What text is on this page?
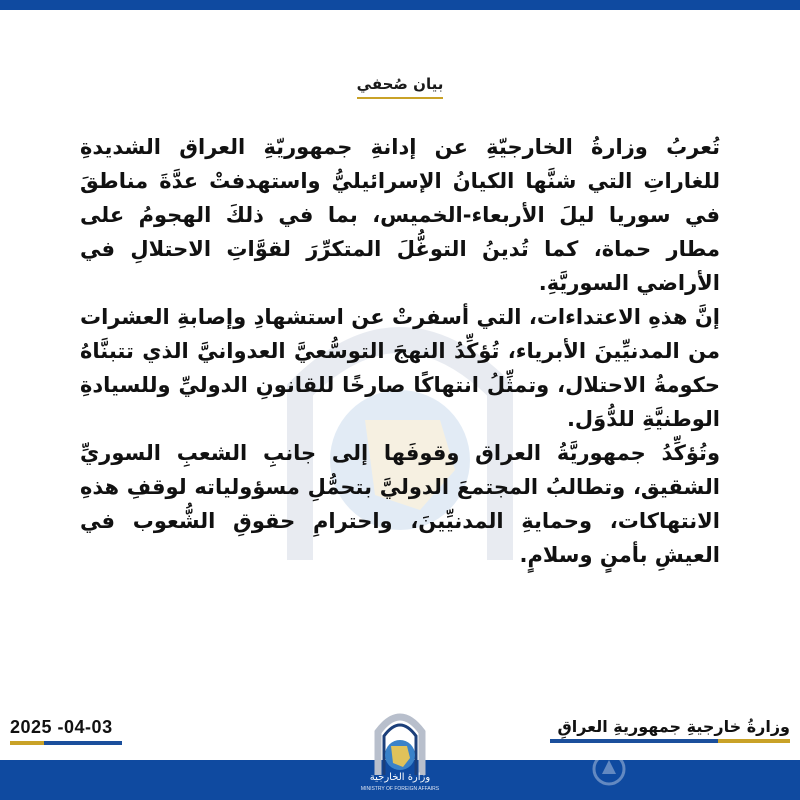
بيان صُحفي

تُعربُ وزارةُ الخارجيّةِ عن إدانةِ جمهوريّةِ العراق الشديدةِ للغاراتِ التي شنَّها الكيانُ الإسرائيليُّ واستهدفتْ عدَّةَ مناطقَ في سوريا ليلَ الأربعاء-الخميس، بما في ذلكَ الهجومُ على مطار حماة، كما تُدينُ التوغُّلَ المتكرِّرَ لقوَّاتِ الاحتلالِ في الأراضي السوريَّةِ.

إنَّ هذهِ الاعتداءات، التي أسفرتْ عن استشهادِ وإصابةِ العشرات من المدنيِّينَ الأبرياء، تُؤكِّدُ النهجَ التوسُّعيَّ العدوانيَّ الذي تتبنَّاهُ حكومةُ الاحتلال، وتمثِّلُ انتهاكًا صارخًا للقانونِ الدوليِّ وللسيادةِ الوطنيَّةِ للدُّوَل.

وتُؤكِّدُ جمهوريَّةُ العراق وقوفَها إلى جانبِ الشعبِ السوريِّ الشقيق، وتطالبُ المجتمعَ الدوليَّ بتحمُّلِ مسؤولياته لوقفِ هذهِ الانتهاكات، وحمايةِ المدنيِّينَ، واحترامِ حقوقِ الشُّعوب في العيشِ بأمنٍ وسلامٍ.

2025 -04-03	وزارةُ خارجيةِ جمهوريةِ العراقِ
وزارة الخارجية
MINISTRY OF FOREIGN AFFAIRS
